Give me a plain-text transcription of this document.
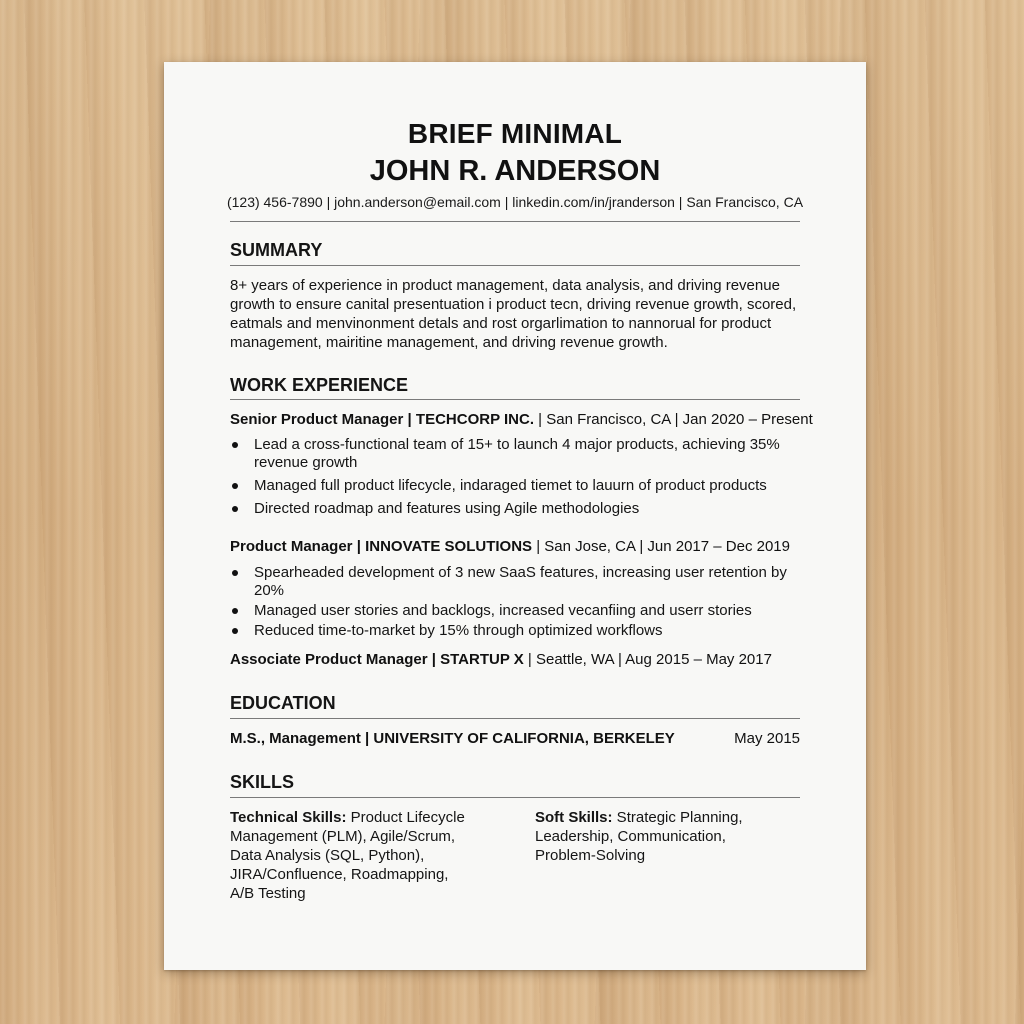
BRIEF MINIMAL
JOHN R. ANDERSON
(123) 456-7890 | john.anderson@email.com | linkedin.com/in/jranderson | San Francisco, CA
SUMMARY
8+ years of experience in product management, data analysis, and driving revenue growth to ensure canital presentuation i product tecn, driving revenue growth, scored, eatmals and menvinonment detals and rost orgarlimation to nannorual for product management, mairitine management, and driving revenue growth.
WORK EXPERIENCE
Senior Product Manager | TECHCORP INC. | San Francisco, CA | Jan 2020 – Present
Lead a cross-functional team of 15+ to launch 4 major products, achieving 35% revenue growth
Managed full product lifecycle, indaraged tiemet to lauurn of product products
Directed roadmap and features using Agile methodologies
Product Manager | INNOVATE SOLUTIONS | San Jose, CA | Jun 2017 – Dec 2019
Spearheaded development of 3 new SaaS features, increasing user retention by 20%
Managed user stories and backlogs, increased vecanfiing and userr stories
Reduced time-to-market by 15% through optimized workflows
Associate Product Manager | STARTUP X | Seattle, WA | Aug 2015 – May 2017
EDUCATION
M.S., Management | UNIVERSITY OF CALIFORNIA, BERKELEY	May 2015
SKILLS
Technical Skills: Product Lifecycle Management (PLM), Agile/Scrum, Data Analysis (SQL, Python), JIRA/Confluence, Roadmapping, A/B Testing
Soft Skills: Strategic Planning, Leadership, Communication, Problem-Solving
